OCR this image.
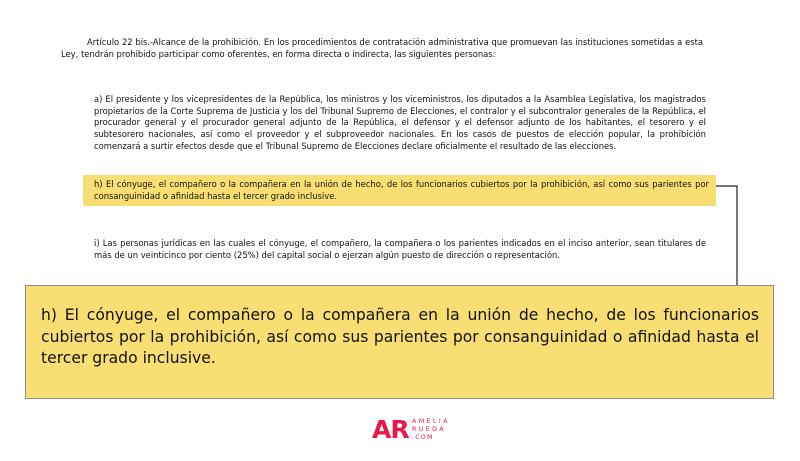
Artículo 22 bis.-Alcance de la prohibición. En los procedimientos de contratación administrativa que promuevan las instituciones sometidas a esta Ley, tendrán prohibido participar como oferentes, en forma directa o indirecta, las siguientes personas:

a) El presidente y los vicepresidentes de la República, los ministros y los viceministros, los diputados a la Asamblea Legislativa, los magistrados propietarios de la Corte Suprema de Justicia y los del Tribunal Supremo de Elecciones, el contralor y el subcontralor generales de la República, el procurador general y el procurador general adjunto de la República, el defensor y el defensor adjunto de los habitantes, el tesorero y el subtesorero nacionales, así como el proveedor y el subproveedor nacionales. En los casos de puestos de elección popular, la prohibición comenzará a surtir efectos desde que el Tribunal Supremo de Elecciones declare oficialmente el resultado de las elecciones.

h) El cónyuge, el compañero o la compañera en la unión de hecho, de los funcionarios cubiertos por la prohibición, así como sus parientes por consanguinidad o afinidad hasta el tercer grado inclusive.

i) Las personas jurídicas en las cuales el cónyuge, el compañero, la compañera o los parientes indicados en el inciso anterior, sean titulares de más de un veinticinco por ciento (25%) del capital social o ejerzan algún puesto de dirección o representación.

h) El cónyuge, el compañero o la compañera en la unión de hecho, de los funcionarios cubiertos por la prohibición, así como sus parientes por consanguinidad o afinidad hasta el tercer grado inclusive.

AR AMELIA
RUEDA
.COM
